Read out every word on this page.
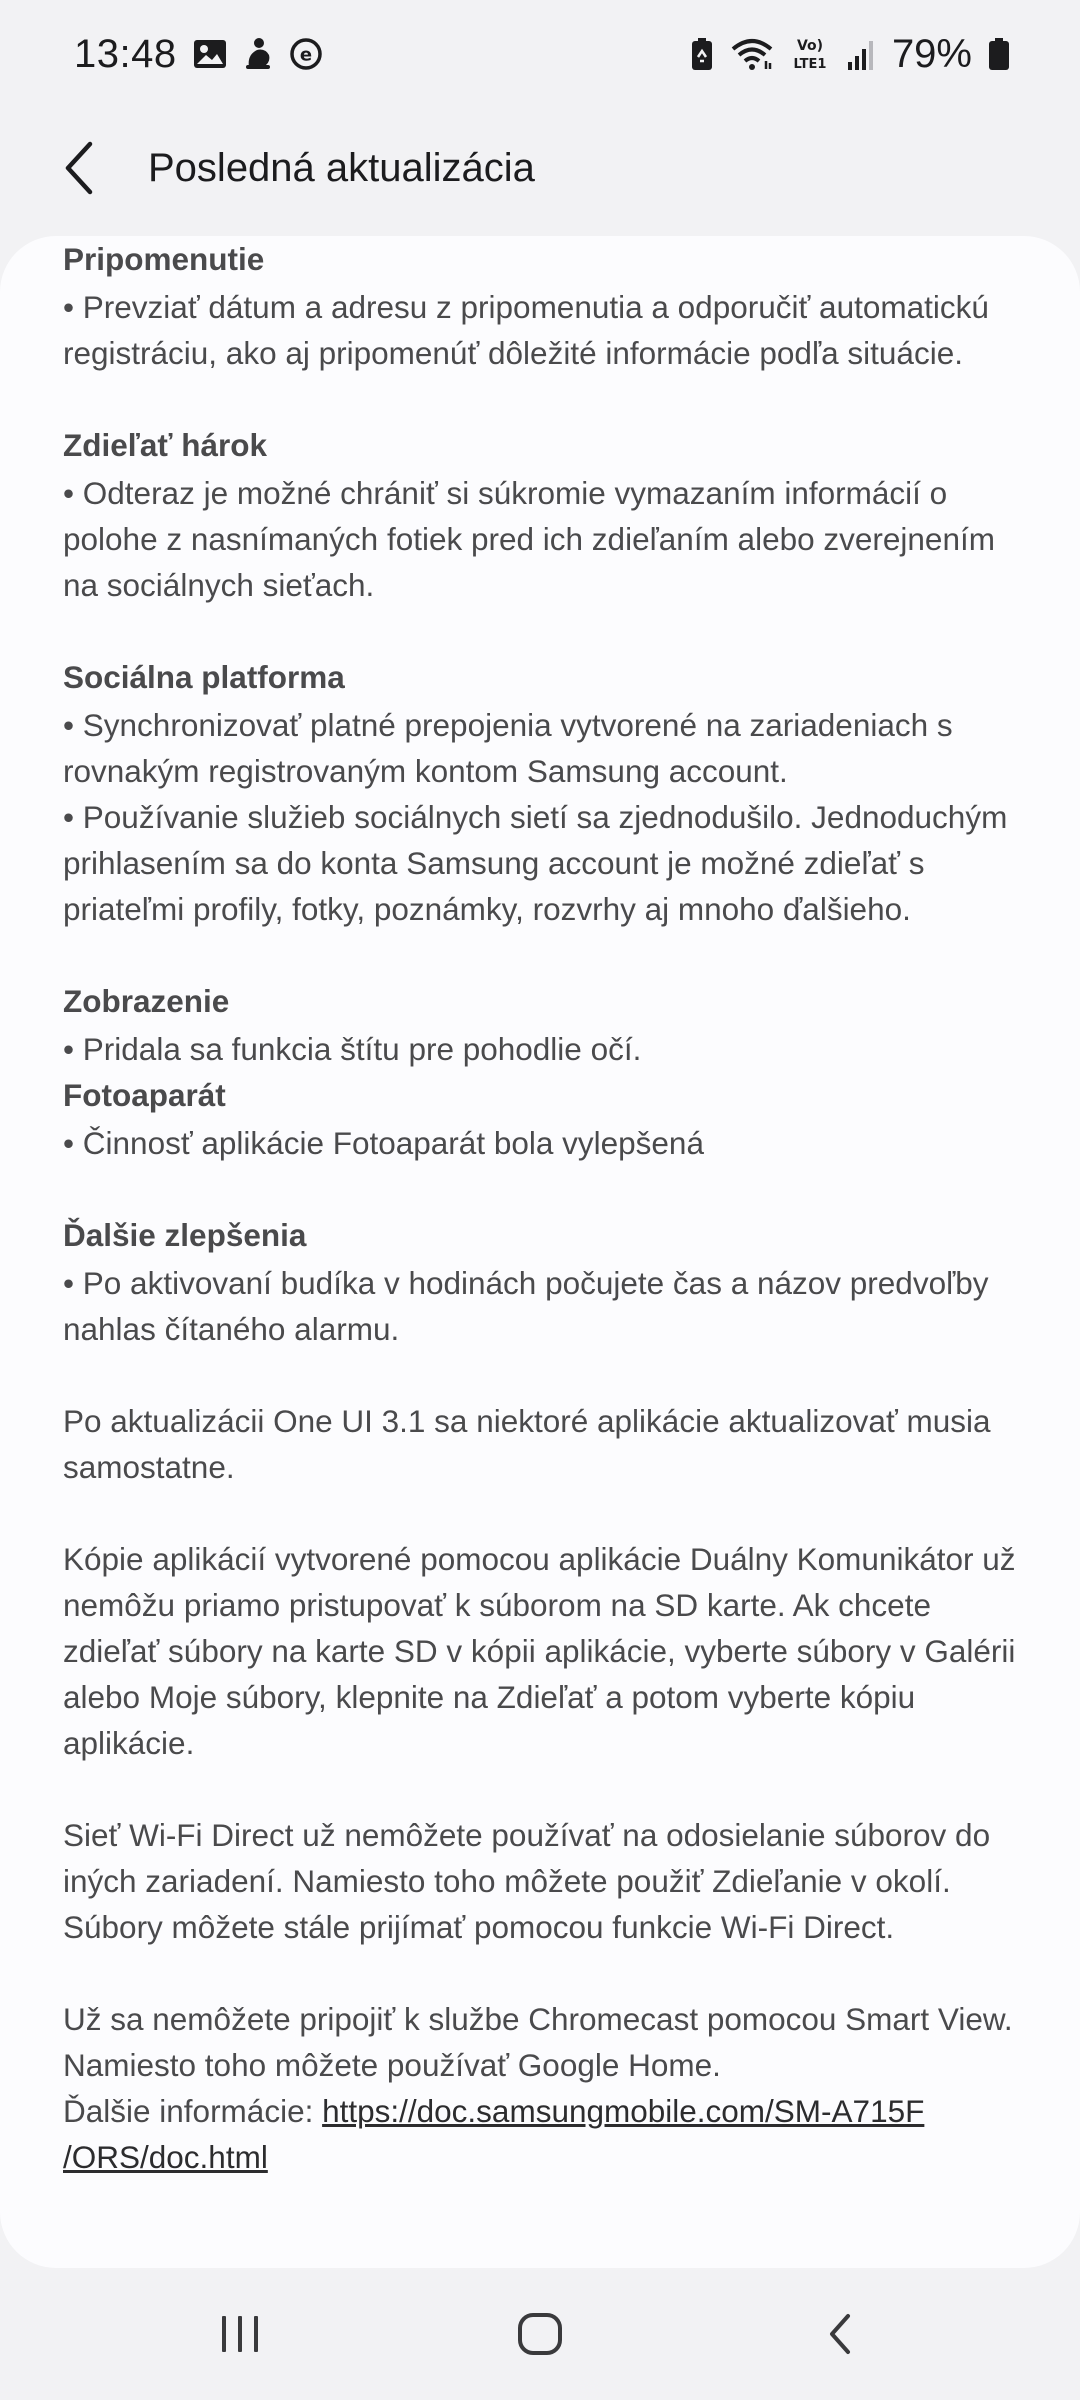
13:48	e	Vo)
LTE1 79%
Posledná aktualizácia
Pripomenutie
• Prevziať dátum a adresu z pripomenutia a odporučiť automatickú registráciu, ako aj pripomenúť dôležité informácie podľa situácie.
Zdieľať hárok
• Odteraz je možné chrániť si súkromie vymazaním informácií o polohe z nasnímaných fotiek pred ich zdieľaním alebo zverejnením na sociálnych sieťach.
Sociálna platforma
• Synchronizovať platné prepojenia vytvorené na zariadeniach s rovnakým registrovaným kontom Samsung account.
• Používanie služieb sociálnych sietí sa zjednodušilo. Jednoduchým prihlasením sa do konta Samsung account je možné zdieľať s priateľmi profily, fotky, poznámky, rozvrhy aj mnoho ďalšieho.
Zobrazenie
• Pridala sa funkcia štítu pre pohodlie očí.
Fotoaparát
• Činnosť aplikácie Fotoaparát bola vylepšená
Ďalšie zlepšenia
• Po aktivovaní budíka v hodinách počujete čas a názov predvoľby nahlas čítaného alarmu.
Po aktualizácii One UI 3.1 sa niektoré aplikácie aktualizovať musia samostatne.
Kópie aplikácií vytvorené pomocou aplikácie Duálny Komunikátor už nemôžu priamo pristupovať k súborom na SD karte. Ak chcete zdieľať súbory na karte SD v kópii aplikácie, vyberte súbory v Galérii alebo Moje súbory, klepnite na Zdieľať a potom vyberte kópiu aplikácie.
Sieť Wi-Fi Direct už nemôžete používať na odosielanie súborov do iných zariadení. Namiesto toho môžete použiť Zdieľanie v okolí. Súbory môžete stále prijímať pomocou funkcie Wi-Fi Direct.
Už sa nemôžete pripojiť k službe Chromecast pomocou Smart View. Namiesto toho môžete používať Google Home.
Ďalšie informácie: https://doc.samsungmobile.com/SM-A715F
/ORS/doc.html
